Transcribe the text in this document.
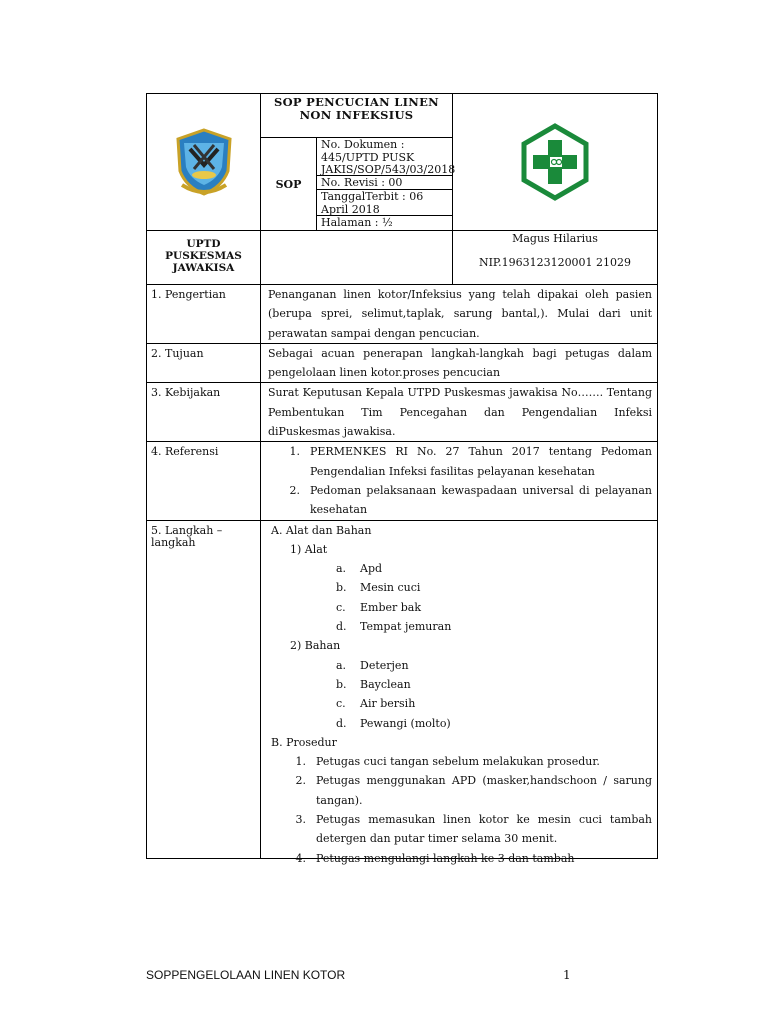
SOP PENCUCIAN LINEN NON INFEKSIUS
SOP
No. Dokumen : 445/UPTD PUSK JAKIS/SOP/543/03/2018
No. Revisi : 00
TanggalTerbit : 06 April 2018
Halaman : ½
UPTD PUSKESMAS JAWAKISA
Magus Hilarius
NIP.1963123120001 21029
1. Pengertian	Penanganan linen kotor/Infeksius yang telah dipakai oleh pasien (berupa sprei, selimut,taplak, sarung bantal,). Mulai dari unit perawatan sampai dengan pencucian.
2. Tujuan	Sebagai acuan penerapan langkah-langkah bagi petugas dalam pengelolaan linen kotor.proses pencucian
3. Kebijakan	Surat Keputusan Kepala UTPD Puskesmas jawakisa No……. Tentang Pembentukan Tim Pencegahan dan Pengendalian Infeksi diPuskesmas jawakisa.
4. Referensi	1. PERMENKES RI No. 27 Tahun 2017 tentang Pedoman Pengendalian Infeksi fasilitas pelayanan kesehatan
2. Pedoman pelaksanaan kewaspadaan universal di pelayanan kesehatan
5. Langkah – langkah
A. Alat dan Bahan
1) Alat
a.	Apd
b.	Mesin cuci
c.	Ember bak
d.	Tempat jemuran
2) Bahan
a.	Deterjen
b.	Bayclean
c.	Air bersih
d.	Pewangi (molto)
B. Prosedur
1. Petugas cuci tangan sebelum melakukan prosedur.
2. Petugas menggunakan APD (masker,handschoon / sarung tangan).
3. Petugas memasukan linen kotor ke mesin cuci tambah detergen dan putar timer selama 30 menit.
4. Petugas mengulangi langkah ke 3 dan tambah
SOPPENGELOLAAN LINEN KOTOR	1
